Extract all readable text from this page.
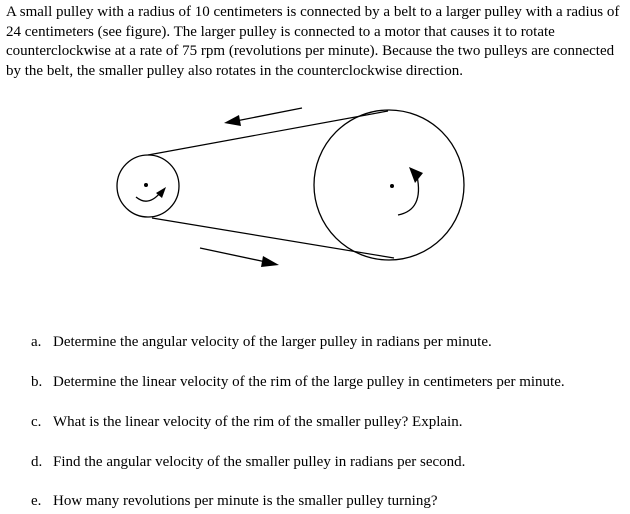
A small pulley with a radius of 10 centimeters is connected by a belt to a larger pulley with a radius of 24 centimeters (see figure). The larger pulley is connected to a motor that causes it to rotate counterclockwise at a rate of 75 rpm (revolutions per minute). Because the two pulleys are connected by the belt, the smaller pulley also rotates in the counterclockwise direction.

a. Determine the angular velocity of the larger pulley in radians per minute.
b. Determine the linear velocity of the rim of the large pulley in centimeters per minute.
c. What is the linear velocity of the rim of the smaller pulley? Explain.
d. Find the angular velocity of the smaller pulley in radians per second.
e. How many revolutions per minute is the smaller pulley turning?
